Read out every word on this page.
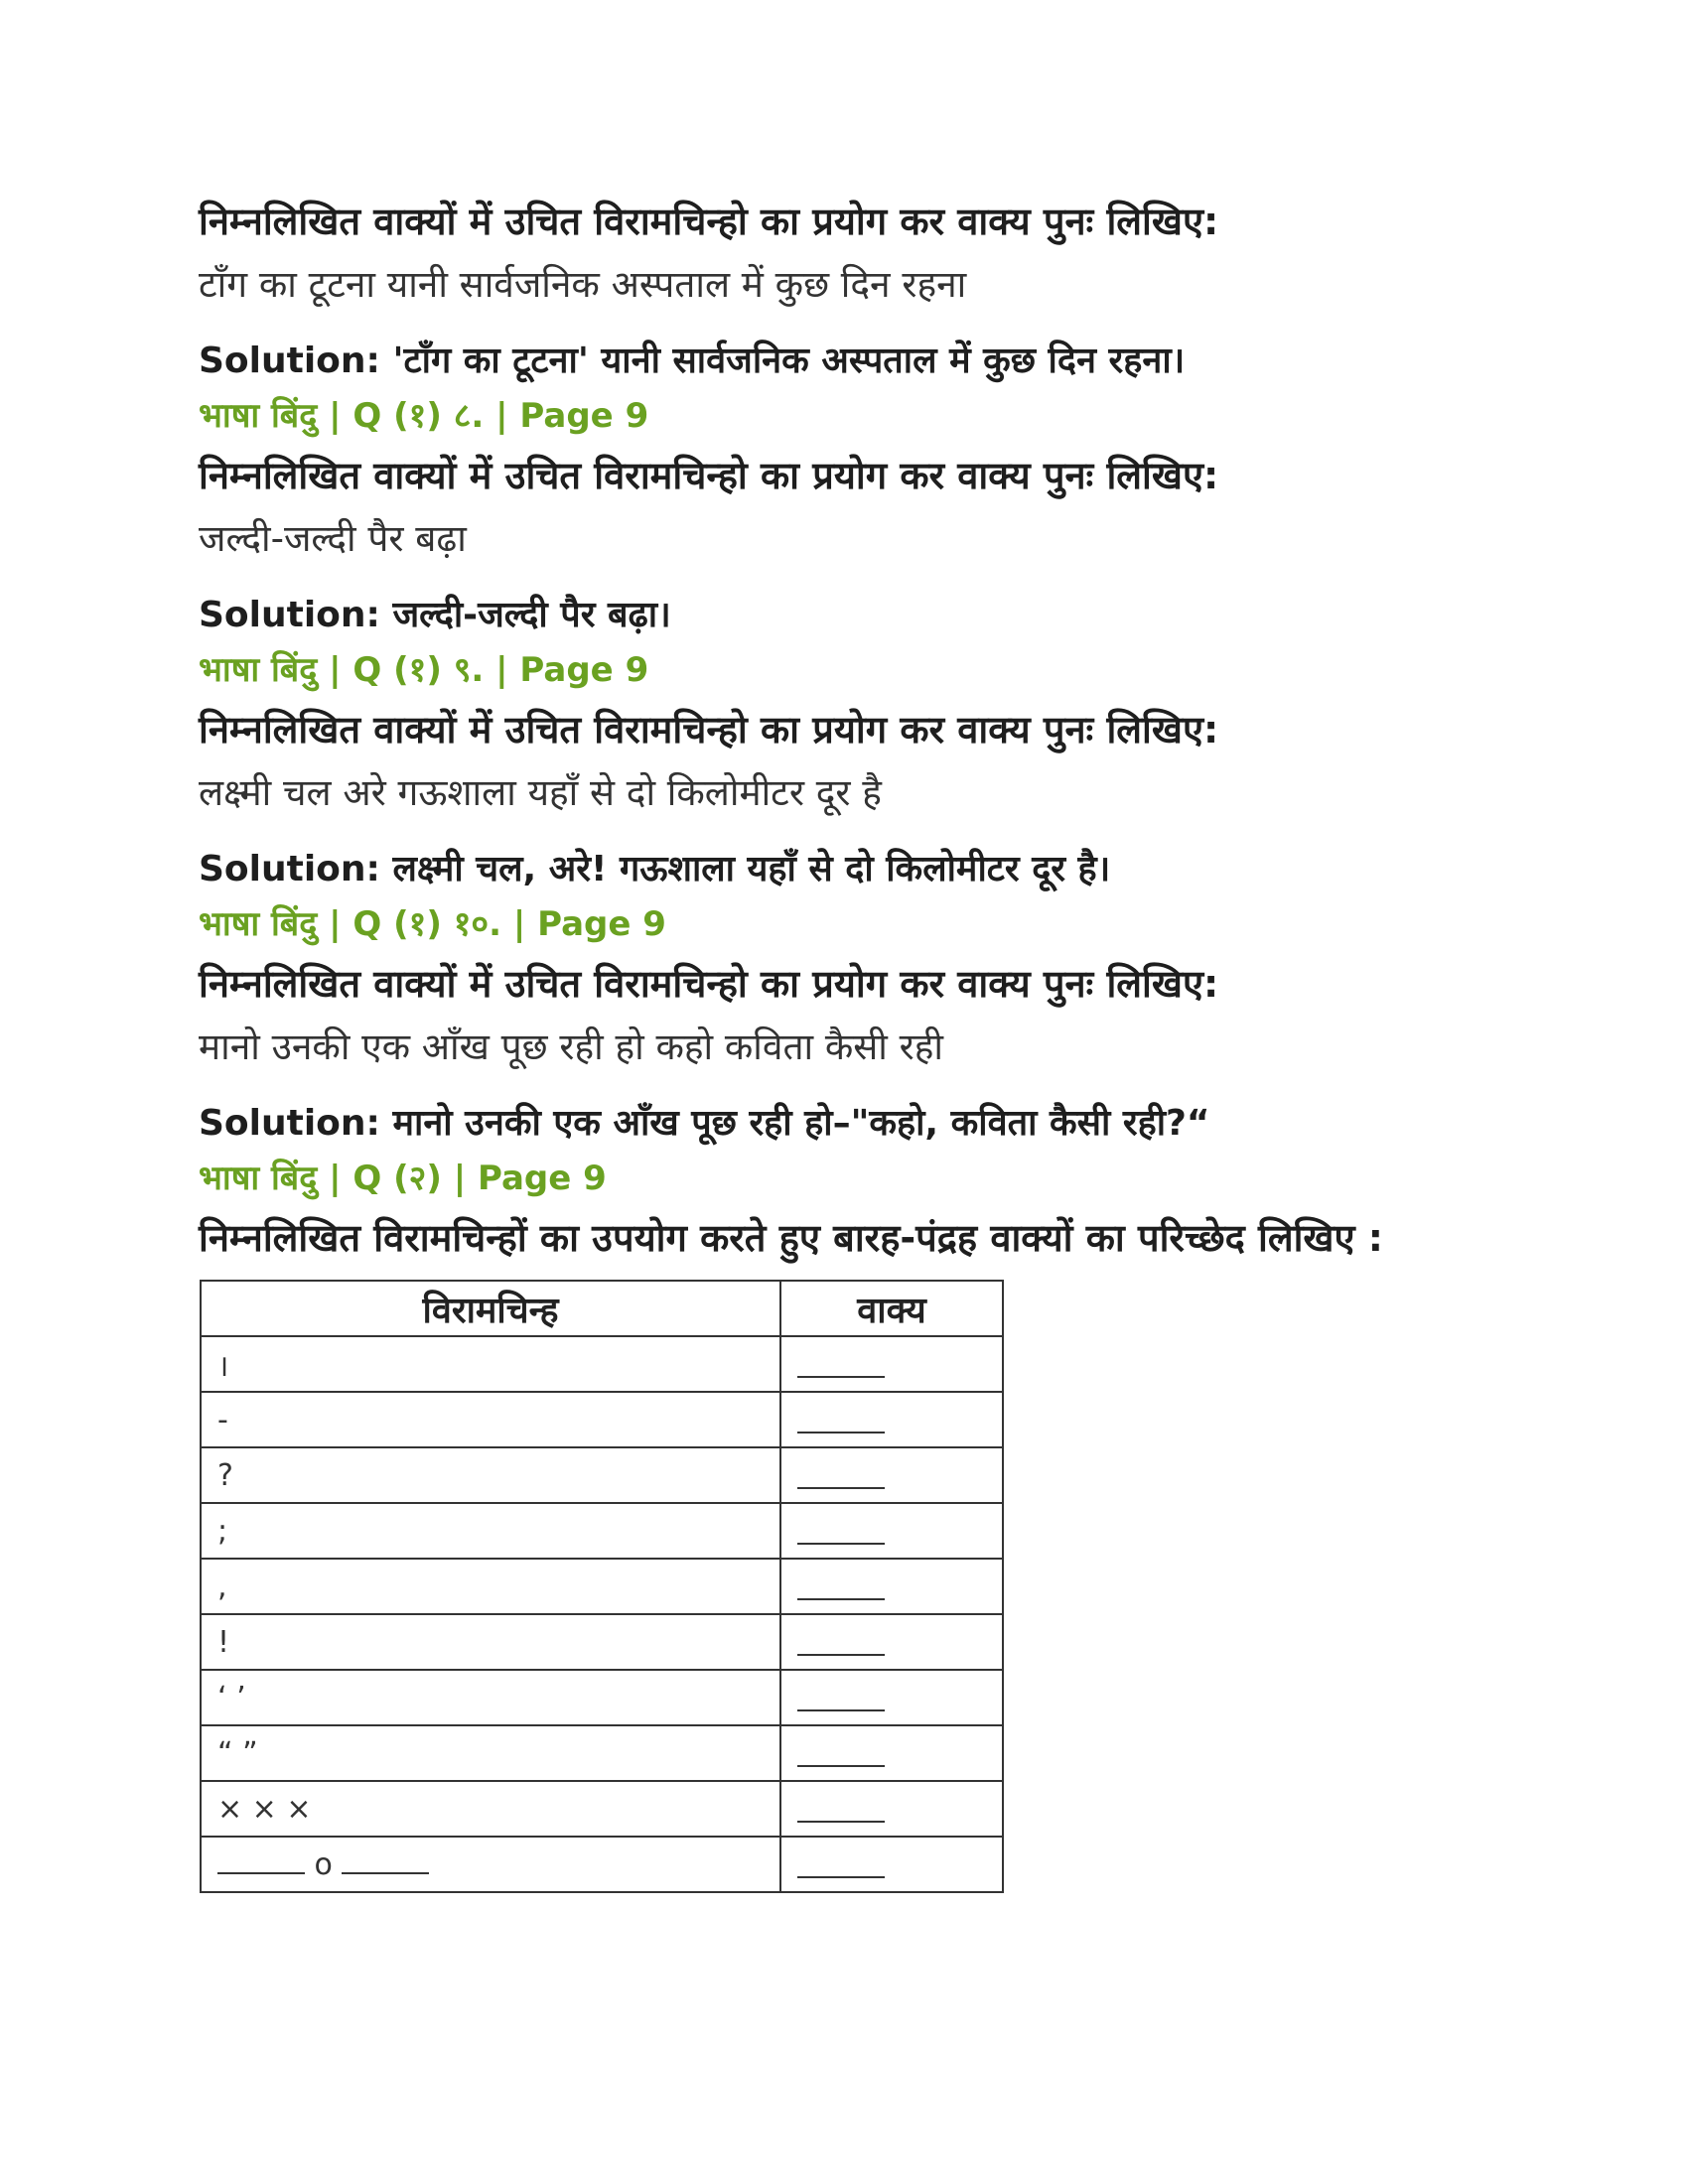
निम्नलिखित वाक्यों में उचित विरामचिन्हो का प्रयोग कर वाक्य पुनः लिखिए:

टाँग का टूटना यानी सार्वजनिक अस्पताल में कुछ दिन रहना

Solution: 'टाँग का टूटना' यानी सार्वजनिक अस्पताल में कुछ दिन रहना।

भाषा बिंदु | Q (१) ८. | Page 9

निम्नलिखित वाक्यों में उचित विरामचिन्हो का प्रयोग कर वाक्य पुनः लिखिए:

जल्दी-जल्दी पैर बढ़ा

Solution: जल्दी-जल्दी पैर बढ़ा।

भाषा बिंदु | Q (१) ९. | Page 9

निम्नलिखित वाक्यों में उचित विरामचिन्हो का प्रयोग कर वाक्य पुनः लिखिए:

लक्ष्मी चल अरे गऊशाला यहाँ से दो किलोमीटर दूर है

Solution: लक्ष्मी चल, अरे! गऊशाला यहाँ से दो किलोमीटर दूर है।

भाषा बिंदु | Q (१) १०. | Page 9

निम्नलिखित वाक्यों में उचित विरामचिन्हो का प्रयोग कर वाक्य पुनः लिखिए:

मानो उनकी एक आँख पूछ रही हो कहो कविता कैसी रही

Solution: मानो उनकी एक आँख पूछ रही हो–"कहो, कविता कैसी रही?“

भाषा बिंदु | Q (२) | Page 9

निम्नलिखित विरामचिन्हों का उपयोग करते हुए बारह-पंद्रह वाक्यों का परिच्छेद लिखिए :

विरामचिन्ह	वाक्य
।	
-	
?	
;	
,	
!	
‘ ’	
“ ”	
× × ×	
o	
